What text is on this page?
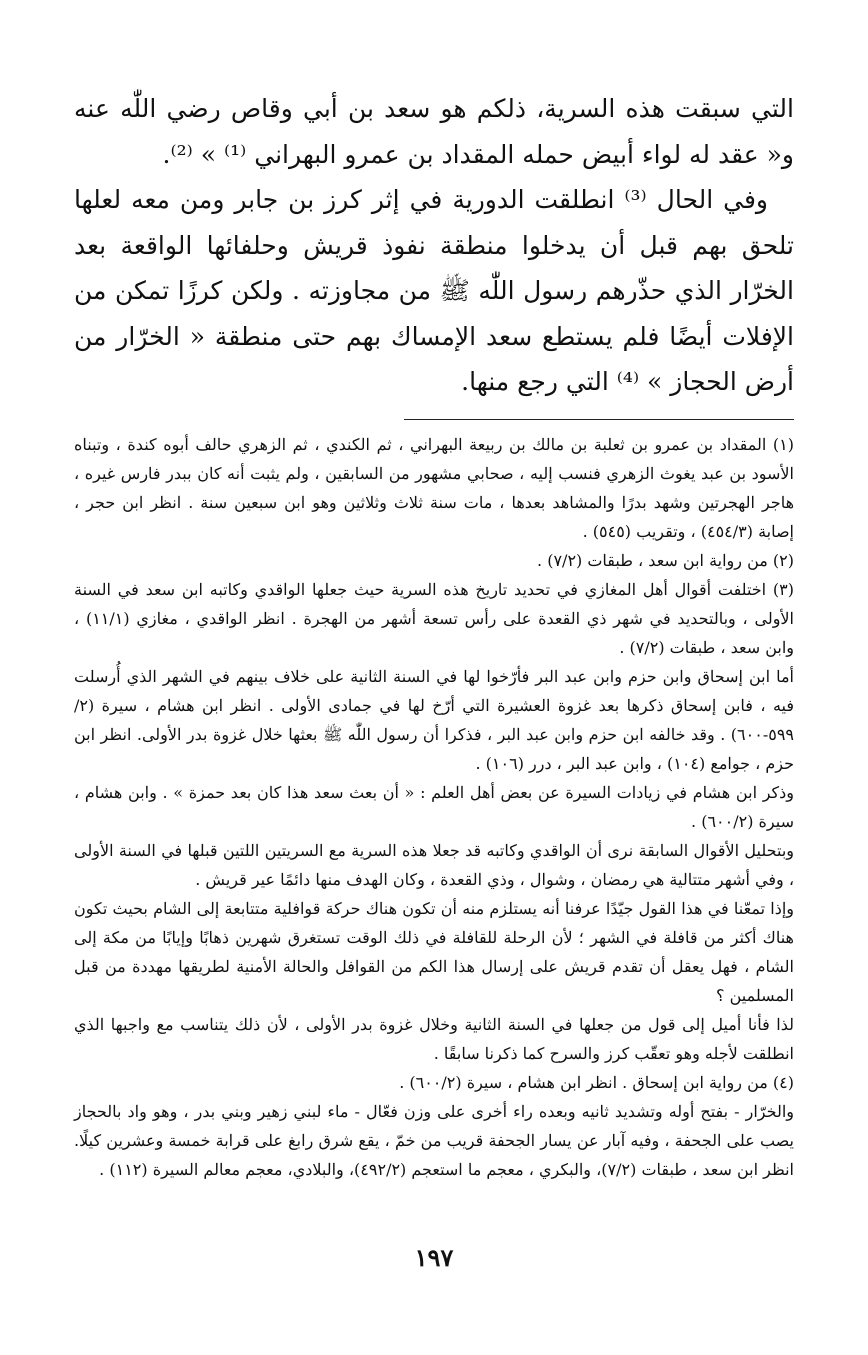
التي سبقت هذه السرية، ذلكم هو سعد بن أبي وقاص رضي اللّٰه عنه و« عقد له لواء أبيض حمله المقداد بن عمرو البهراني ⁽¹⁾ » ⁽²⁾.

وفي الحال ⁽³⁾ انطلقت الدورية في إثر كرز بن جابر ومن معه لعلها تلحق بهم قبل أن يدخلوا منطقة نفوذ قريش وحلفائها الواقعة بعد الخرّار الذي حذّرهم رسول اللّٰه ﷺ من مجاوزته . ولكن كرزًا تمكن من الإفلات أيضًا فلم يستطع سعد الإمساك بهم حتى منطقة « الخرّار من أرض الحجاز » ⁽⁴⁾ التي رجع منها.

(١) المقداد بن عمرو بن ثعلبة بن مالك بن ربيعة البهراني ، ثم الكندي ، ثم الزهري حالف أبوه كندة ، وتبناه الأسود بن عبد يغوث الزهري فنسب إليه ، صحابي مشهور من السابقين ، ولم يثبت أنه كان ببدر فارس غيره ، هاجر الهجرتين وشهد بدرًا والمشاهد بعدها ، مات سنة ثلاث وثلاثين وهو ابن سبعين سنة . انظر ابن حجر ، إصابة (٤٥٤/٣) ، وتقريب (٥٤٥) .

(٢) من رواية ابن سعد ، طبقات (٧/٢) .

(٣) اختلفت أقوال أهل المغازي في تحديد تاريخ هذه السرية حيث جعلها الواقدي وكاتبه ابن سعد في السنة الأولى ، وبالتحديد في شهر ذي القعدة على رأس تسعة أشهر من الهجرة . انظر الواقدي ، مغازي (١١/١) ، وابن سعد ، طبقات (٧/٢) .

أما ابن إسحاق وابن حزم وابن عبد البر فأرّخوا لها في السنة الثانية على خلاف بينهم في الشهر الذي أُرسلت فيه ، فابن إسحاق ذكرها بعد غزوة العشيرة التي أرّخ لها في جمادى الأولى . انظر ابن هشام ، سيرة (٢/ ٥٩٩-٦٠٠) . وقد خالفه ابن حزم وابن عبد البر ، فذكرا أن رسول اللّٰه ﷺ بعثها خلال غزوة بدر الأولى. انظر ابن حزم ، جوامع (١٠٤) ، وابن عبد البر ، درر (١٠٦) .

وذكر ابن هشام في زيادات السيرة عن بعض أهل العلم : « أن بعث سعد هذا كان بعد حمزة » . وابن هشام ، سيرة (٦٠٠/٢) .

وبتحليل الأقوال السابقة نرى أن الواقدي وكاتبه قد جعلا هذه السرية مع السريتين اللتين قبلها في السنة الأولى ، وفي أشهر متتالية هي رمضان ، وشوال ، وذي القعدة ، وكان الهدف منها دائمًا عير قريش .

وإذا تمعّنا في هذا القول جيّدًا عرفنا أنه يستلزم منه أن تكون هناك حركة قوافلية متتابعة إلى الشام بحيث تكون هناك أكثر من قافلة في الشهر ؛ لأن الرحلة للقافلة في ذلك الوقت تستغرق شهرين ذهابًا وإيابًا من مكة إلى الشام ، فهل يعقل أن تقدم قريش على إرسال هذا الكم من القوافل والحالة الأمنية لطريقها مهددة من قبل المسلمين ؟

لذا فأنا أميل إلى قول من جعلها في السنة الثانية وخلال غزوة بدر الأولى ، لأن ذلك يتناسب مع واجبها الذي انطلقت لأجله وهو تعقّب كرز والسرح كما ذكرنا سابقًا .

(٤) من رواية ابن إسحاق . انظر ابن هشام ، سيرة (٦٠٠/٢) .

والخرّار - بفتح أوله وتشديد ثانيه وبعده راء أخرى على وزن فعّال - ماء لبني زهير وبني بدر ، وهو واد بالحجاز يصب على الجحفة ، وفيه آبار عن يسار الجحفة قريب من خمّ ، يقع شرق رابغ على قرابة خمسة وعشرين كيلًا. انظر ابن سعد ، طبقات (٧/٢)، والبكري ، معجم ما استعجم (٤٩٢/٢)، والبلادي، معجم معالم السيرة (١١٢) .

١٩٧
